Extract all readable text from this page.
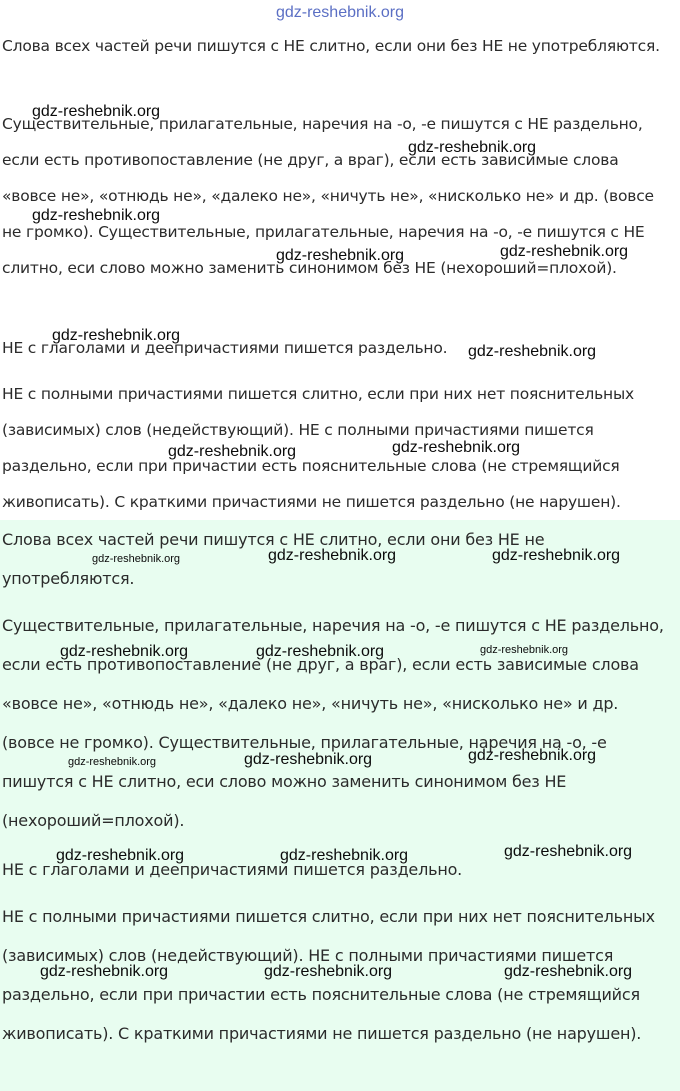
gdz-reshebnik.org

Слова всех частей речи пишутся с НЕ слитно, если они без НЕ не употребляются.

Существительные, прилагательные, наречия на -о, -е пишутся с НЕ раздельно, если есть противопоставление (не друг, а враг), если есть зависимые слова «вовсе не», «отнюдь не», «далеко не», «ничуть не», «нисколько не» и др. (вовсе не громко). Существительные, прилагательные, наречия на -о, -е пишутся с НЕ слитно, еси слово можно заменить синонимом без НЕ (нехороший=плохой).

НЕ с глаголами и деепричастиями пишется раздельно.

НЕ с полными причастиями пишется слитно, если при них нет пояснительных (зависимых) слов (недействующий). НЕ с полными причастиями пишется раздельно, если при причастии есть пояснительные слова (не стремящийся живописать). С краткими причастиями не пишется раздельно (не нарушен).

Слова всех частей речи пишутся с НЕ слитно, если они без НЕ не употребляются.

Существительные, прилагательные, наречия на -о, -е пишутся с НЕ раздельно, если есть противопоставление (не друг, а враг), если есть зависимые слова «вовсе не», «отнюдь не», «далеко не», «ничуть не», «нисколько не» и др. (вовсе не громко). Существительные, прилагательные, наречия на -о, -е пишутся с НЕ слитно, еси слово можно заменить синонимом без НЕ (нехороший=плохой).

НЕ с глаголами и деепричастиями пишется раздельно.

НЕ с полными причастиями пишется слитно, если при них нет пояснительных (зависимых) слов (недействующий). НЕ с полными причастиями пишется раздельно, если при причастии есть пояснительные слова (не стремящийся живописать). С краткими причастиями не пишется раздельно (не нарушен).

gdz-reshebnik.org
gdz-reshebnik.org
gdz-reshebnik.org
gdz-reshebnik.org	gdz-reshebnik.org
gdz-reshebnik.org
gdz-reshebnik.org
gdz-reshebnik.org	gdz-reshebnik.org
gdz-reshebnik.org	gdz-reshebnik.org	gdz-reshebnik.org
gdz-reshebnik.org	gdz-reshebnik.org	gdz-reshebnik.org
gdz-reshebnik.org	gdz-reshebnik.org	gdz-reshebnik.org
gdz-reshebnik.org	gdz-reshebnik.org	gdz-reshebnik.org
gdz-reshebnik.org	gdz-reshebnik.org	gdz-reshebnik.org
